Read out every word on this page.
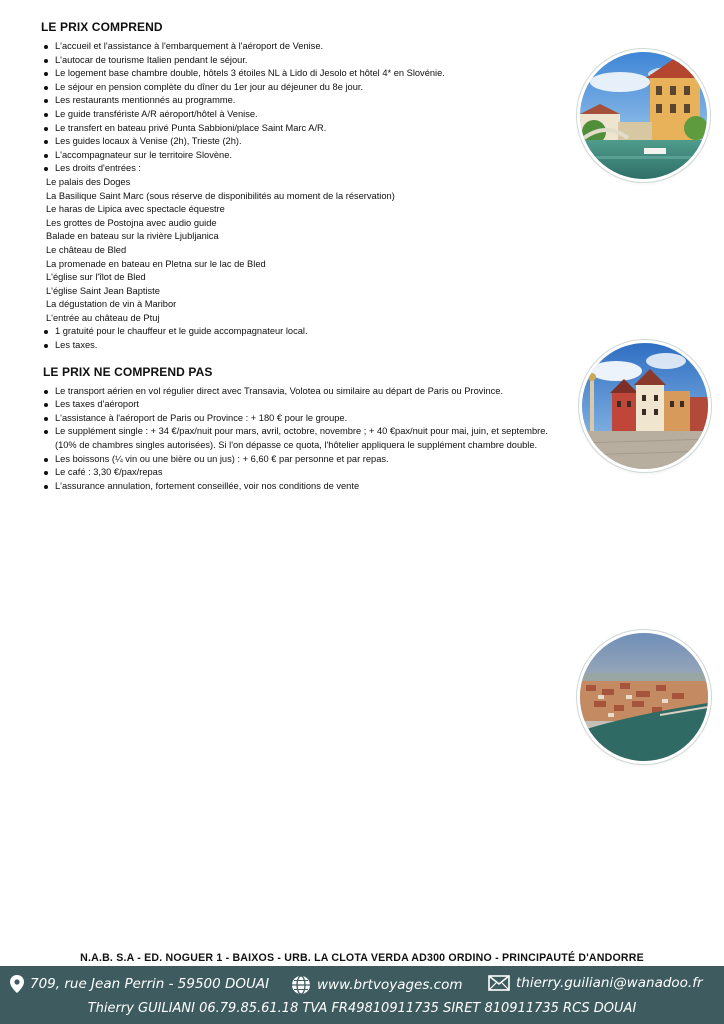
LE PRIX COMPREND
L'accueil et l'assistance à l'embarquement à l'aéroport de Venise.
L'autocar de tourisme Italien pendant le séjour.
Le logement base chambre double, hôtels 3 étoiles NL à Lido di Jesolo et hôtel 4* en Slovénie.
Le séjour en pension complète du dîner du 1er jour au déjeuner du 8e jour.
Les restaurants mentionnés au programme.
Le guide transfériste A/R aéroport/hôtel à Venise.
Le transfert en bateau privé Punta Sabbioni/place Saint Marc A/R.
Les guides locaux à Venise (2h), Trieste (2h).
L'accompagnateur sur le territoire Slovène.
Les droits d'entrées :
Le palais des Doges
La Basilique Saint Marc (sous réserve de disponibilités au moment de la réservation)
Le haras de Lipica avec spectacle équestre
Les grottes de Postojna avec audio guide
Balade en bateau sur la rivière Ljubljanica
Le château de Bled
La promenade en bateau en Pletna sur le lac de Bled
L'église sur l'îlot de Bled
L'église Saint Jean Baptiste
La dégustation de vin à Maribor
L'entrée au château de Ptuj
1 gratuité pour le chauffeur et le guide accompagnateur local.
Les taxes.
LE PRIX NE COMPREND PAS
Le transport aérien en vol régulier direct avec Transavia, Volotea ou similaire au départ de Paris ou Province.
Les taxes d'aéroport
L'assistance à l'aéroport de Paris ou Province : + 180 € pour le groupe.
Le supplément single : + 34 €/pax/nuit pour mars, avril, octobre, novembre ; + 40 €pax/nuit pour mai, juin, et septembre. (10% de chambres singles autorisées). Si l'on dépasse ce quota, l'hôtelier appliquera le supplément chambre double.
Les boissons (¼ vin ou une bière ou un jus) : + 6,60 € par personne et par repas.
Le café : 3,30 €/pax/repas
L'assurance annulation, fortement conseillée, voir nos conditions de vente
N.A.B. S.A - ED. NOGUER 1 - BAIXOS - URB. LA CLOTA VERDA AD300 ORDINO - PRINCIPAUTÉ D'ANDORRE
709, rue Jean Perrin - 59500 DOUAI	www.brtvoyages.com	thierry.guiliani@wanadoo.fr
Thierry GUILIANI 06.79.85.61.18 TVA FR49810911735 SIRET 810911735 RCS DOUAI
